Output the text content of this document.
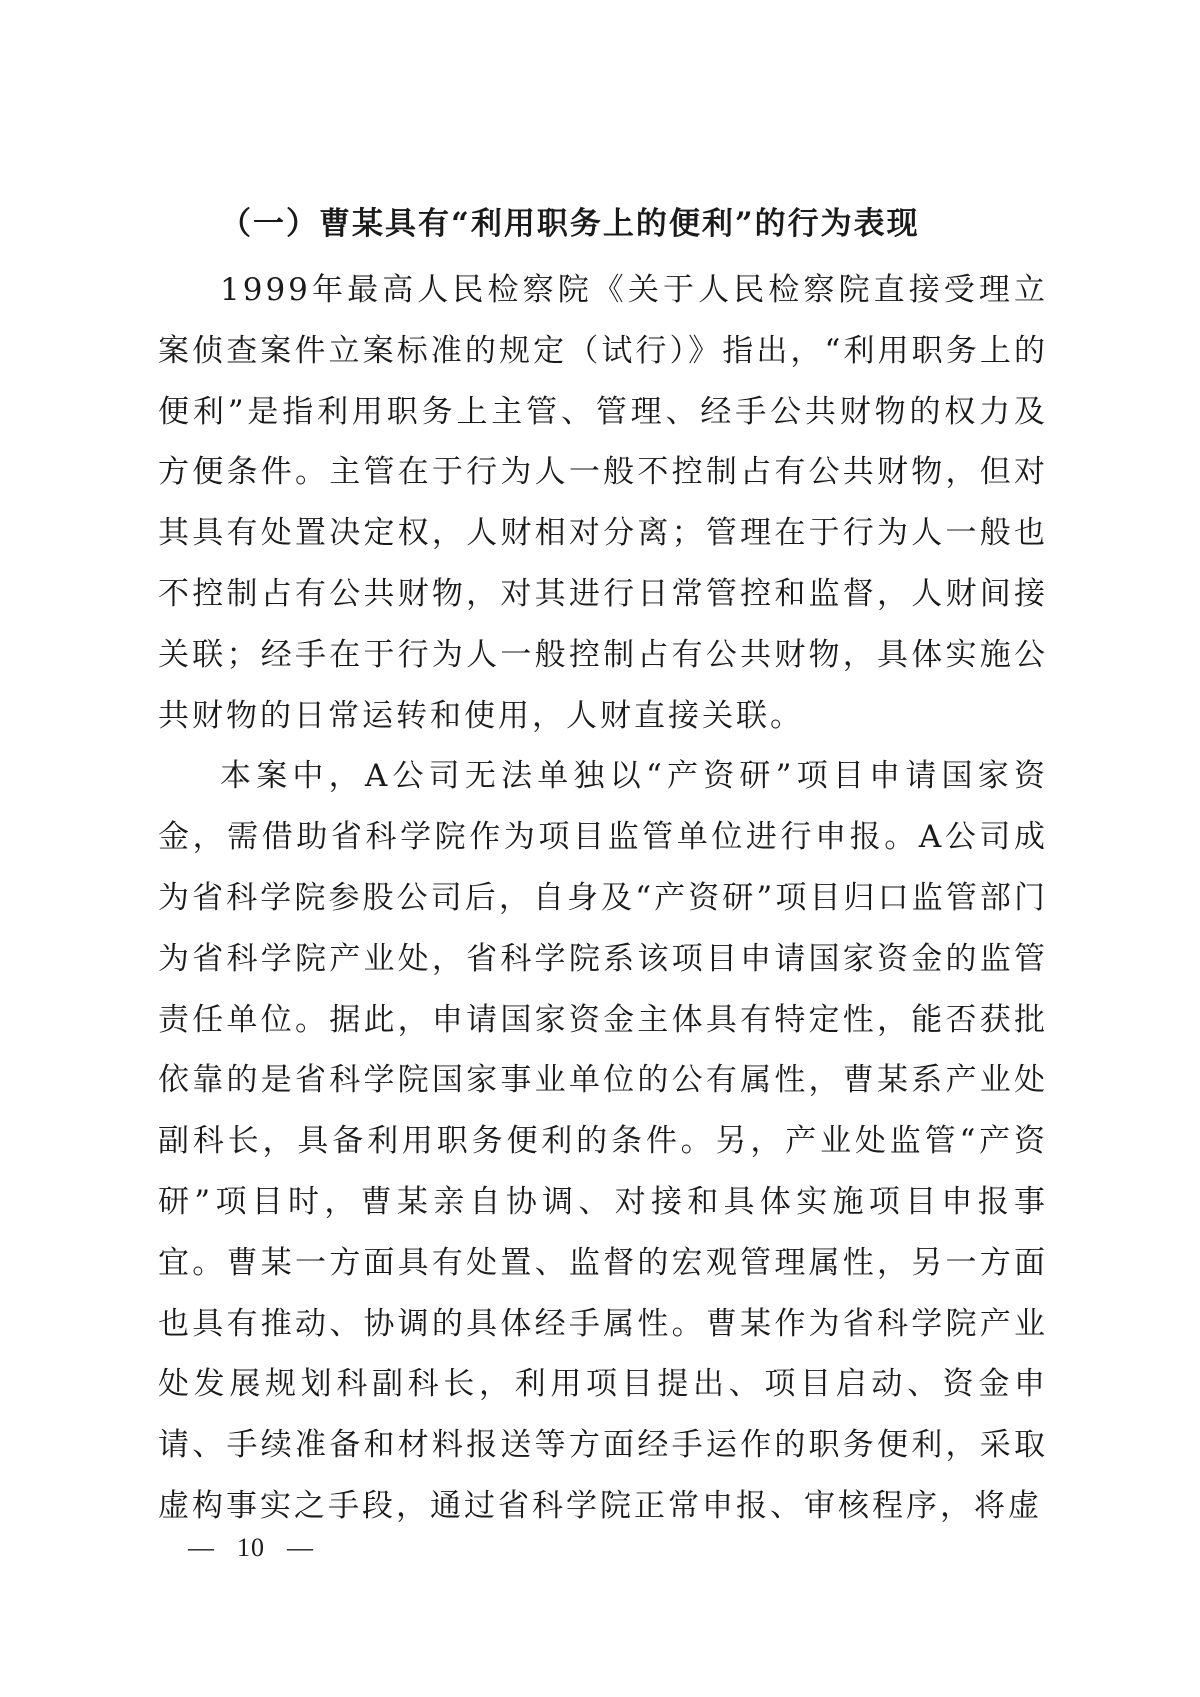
（一）曹某具有“利用职务上的便利”的行为表现

1999年最高人民检察院《关于人民检察院直接受理立案侦查案件立案标准的规定（试行）》指出，“利用职务上的便利”是指利用职务上主管、管理、经手公共财物的权力及方便条件。主管在于行为人一般不控制占有公共财物，但对其具有处置决定权，人财相对分离；管理在于行为人一般也不控制占有公共财物，对其进行日常管控和监督，人财间接关联；经手在于行为人一般控制占有公共财物，具体实施公共财物的日常运转和使用，人财直接关联。

本案中，A公司无法单独以“产资研”项目申请国家资金，需借助省科学院作为项目监管单位进行申报。A公司成为省科学院参股公司后，自身及“产资研”项目归口监管部门为省科学院产业处，省科学院系该项目申请国家资金的监管责任单位。据此，申请国家资金主体具有特定性，能否获批依靠的是省科学院国家事业单位的公有属性，曹某系产业处副科长，具备利用职务便利的条件。另，产业处监管“产资研”项目时，曹某亲自协调、对接和具体实施项目申报事宜。曹某一方面具有处置、监督的宏观管理属性，另一方面也具有推动、协调的具体经手属性。曹某作为省科学院产业处发展规划科副科长，利用项目提出、项目启动、资金申请、手续准备和材料报送等方面经手运作的职务便利，采取虚构事实之手段，通过省科学院正常申报、审核程序，将虚

— 10 —
